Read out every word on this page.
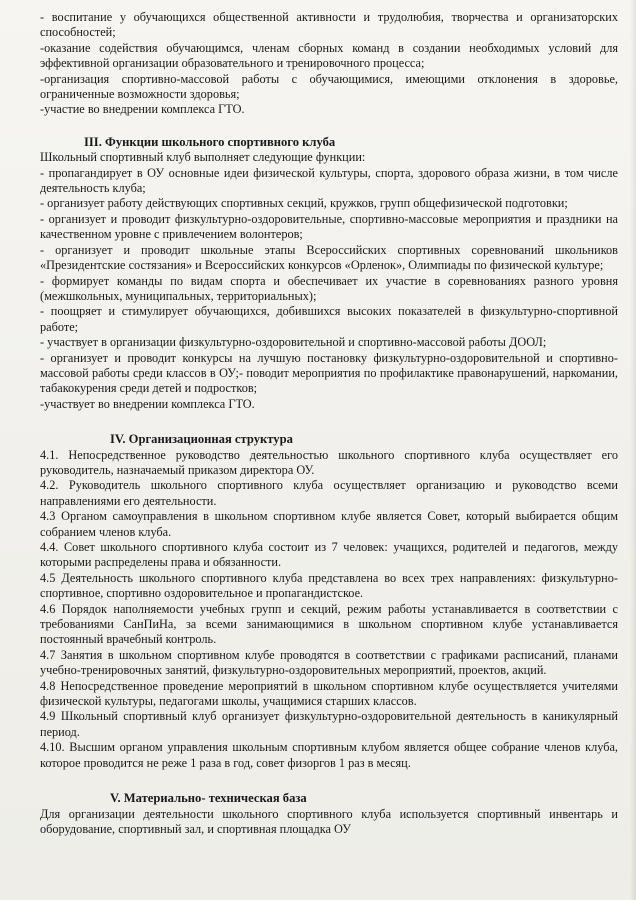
- воспитание у обучающихся общественной активности и трудолюбия, творчества и организаторских способностей;

-оказание содействия обучающимся, членам сборных команд в создании необходимых условий для эффективной организации образовательного и тренировочного процесса;

-организация спортивно-массовой работы с обучающимися, имеющими отклонения в здоровье, ограниченные возможности здоровья;

-участие во внедрении комплекса ГТО.

III. Функции школьного спортивного клуба

Школьный спортивный клуб выполняет следующие функции:

- пропагандирует в ОУ основные идеи физической культуры, спорта, здорового образа жизни, в том числе деятельность клуба;

- организует работу действующих спортивных секций, кружков, групп общефизической подготовки;

- организует и проводит физкультурно-оздоровительные, спортивно-массовые мероприятия и праздники на качественном уровне с привлечением волонтеров;

- организует и проводит школьные этапы Всероссийских спортивных соревнований школьников «Президентские состязания» и Всероссийских конкурсов «Орленок», Олимпиады по физической культуре;

- формирует команды по видам спорта и обеспечивает их участие в соревнованиях разного уровня (межшкольных, муниципальных, территориальных);

- поощряет и стимулирует обучающихся, добившихся высоких показателей в физкультурно-спортивной работе;

- участвует в организации физкультурно-оздоровительной и спортивно-массовой работы ДООЛ;

- организует и проводит конкурсы на лучшую постановку физкультурно-оздоровительной и спортивно-массовой работы среди классов в ОУ;- поводит мероприятия по профилактике правонарушений, наркомании, табакокурения среди детей и подростков;

-участвует во внедрении комплекса ГТО.

IV. Организационная структура

4.1. Непосредственное руководство деятельностью школьного спортивного клуба осуществляет его руководитель, назначаемый приказом директора ОУ.

4.2. Руководитель школьного спортивного клуба осуществляет организацию и руководство всеми направлениями его деятельности.

4.3 Органом самоуправления в школьном спортивном клубе является Совет, который выбирается общим собранием членов клуба.

4.4. Совет школьного спортивного клуба состоит из 7 человек: учащихся, родителей и педагогов, между которыми распределены права и обязанности.

4.5 Деятельность школьного спортивного клуба представлена во всех трех направлениях: физкультурно-спортивное, спортивно оздоровительное и пропагандистское.

4.6 Порядок наполняемости учебных групп и секций, режим работы устанавливается в соответствии с требованиями СанПиНа, за всеми занимающимися в школьном спортивном клубе устанавливается постоянный врачебный контроль.

4.7 Занятия в школьном спортивном клубе проводятся в соответствии с графиками расписаний, планами учебно-тренировочных занятий, физкультурно-оздоровительных мероприятий, проектов, акций.

4.8 Непосредственное проведение мероприятий в школьном спортивном клубе осуществляется учителями физической культуры, педагогами школы, учащимися старших классов.

4.9 Школьный спортивный клуб организует физкультурно-оздоровительной деятельность в каникулярный период.

4.10. Высшим органом управления школьным спортивным клубом является общее собрание членов клуба, которое проводится не реже 1 раза в год, совет физоргов 1 раз в месяц.

V. Материально- техническая база

Для организации деятельности школьного спортивного клуба используется спортивный инвентарь и оборудование, спортивный зал, и спортивная площадка ОУ
